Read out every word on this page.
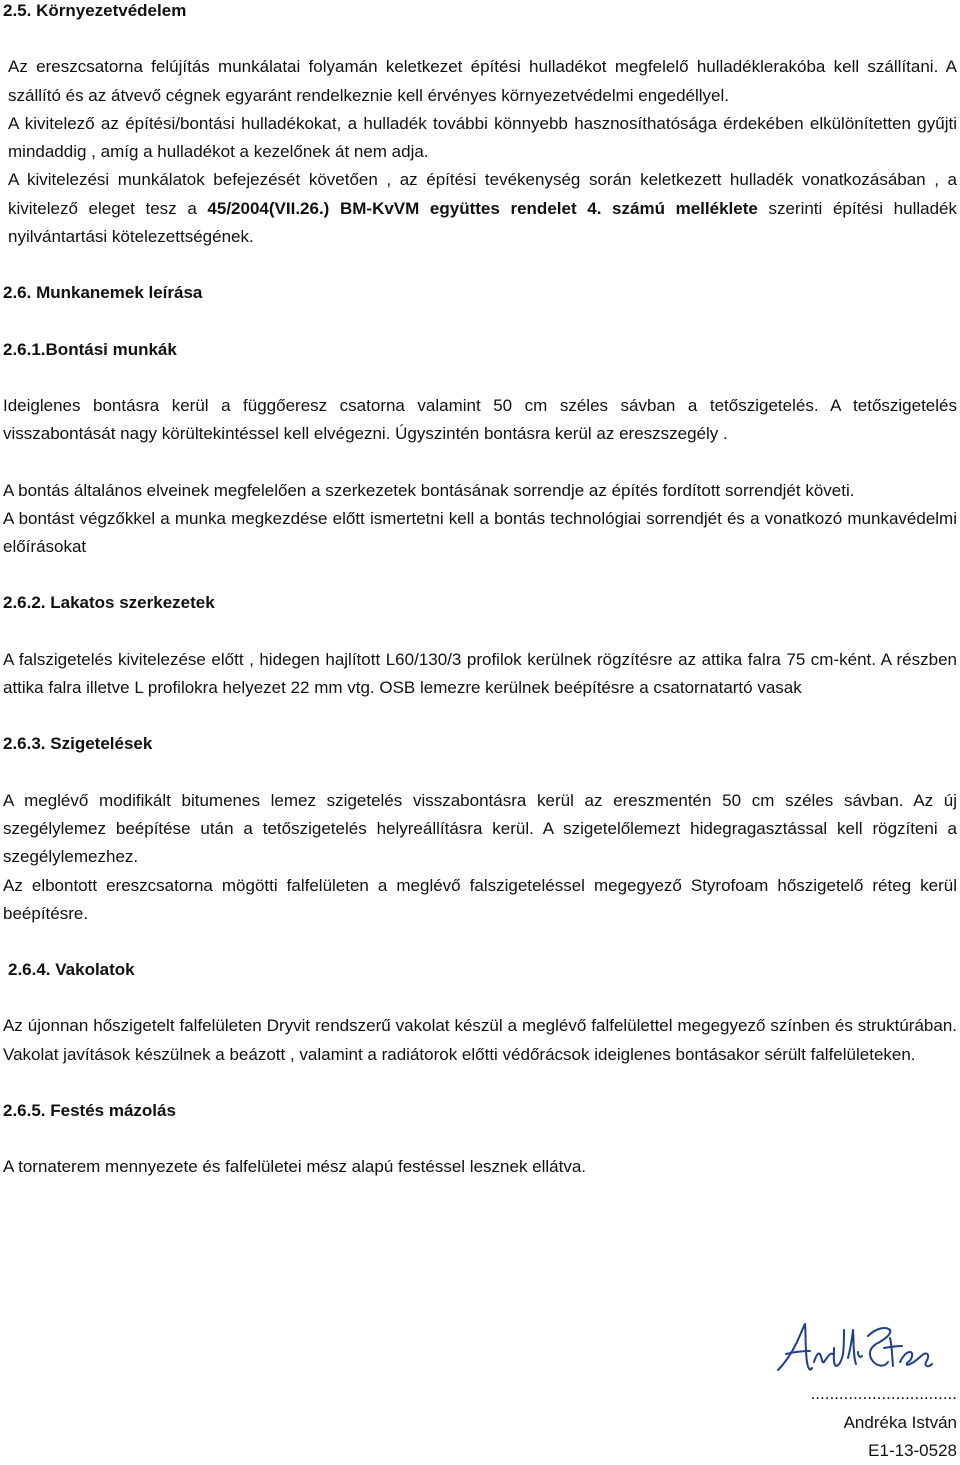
2.5. Környezetvédelem

Az ereszcsatorna felújítás munkálatai folyamán keletkezet építési hulladékot megfelelő hulladéklerakóba kell szállítani. A szállító és az átvevő cégnek egyaránt rendelkeznie kell érvényes környezetvédelmi engedéllyel.

A kivitelező az építési/bontási hulladékokat, a hulladék további könnyebb hasznosíthatósága érdekében elkülönítetten gyűjti mindaddig , amíg a hulladékot a kezelőnek át nem adja.

A kivitelezési munkálatok befejezését követően , az építési tevékenység során keletkezett hulladék vonatkozásában , a kivitelező eleget tesz a 45/2004(VII.26.) BM-KvVM együttes rendelet 4. számú melléklete szerinti építési hulladék nyilvántartási kötelezettségének.

2.6. Munkanemek leírása

2.6.1.Bontási munkák

Ideiglenes bontásra kerül a függőeresz csatorna valamint 50 cm széles sávban a tetőszigetelés. A tetőszigetelés visszabontását nagy körültekintéssel kell elvégezni. Úgyszintén bontásra kerül az ereszszegély .

A bontás általános elveinek megfelelően a szerkezetek bontásának sorrendje az építés fordított sorrendjét követi.

A bontást végzőkkel a munka megkezdése előtt ismertetni kell a bontás technológiai sorrendjét és a vonatkozó munkavédelmi előírásokat

2.6.2. Lakatos szerkezetek

A falszigetelés kivitelezése előtt , hidegen hajlított L60/130/3 profilok kerülnek rögzítésre az attika falra 75 cm-ként. A részben attika falra illetve L profilokra helyezet 22 mm vtg. OSB lemezre kerülnek beépítésre a csatornatartó vasak

2.6.3. Szigetelések

A meglévő modifikált bitumenes lemez szigetelés visszabontásra kerül az ereszmentén 50 cm széles sávban. Az új szegélylemez beépítése után a tetőszigetelés helyreállításra kerül. A szigetelőlemezt hidegragasztással kell rögzíteni a szegélylemezhez.

Az elbontott ereszcsatorna mögötti falfelületen a meglévő falszigeteléssel megegyező Styrofoam hőszigetelő réteg kerül beépítésre.

2.6.4. Vakolatok

Az újonnan hőszigetelt falfelületen Dryvit rendszerű vakolat készül a meglévő falfelülettel megegyező színben és struktúrában. Vakolat javítások készülnek a beázott , valamint a radiátorok előtti védőrácsok ideiglenes bontásakor sérült falfelületeken.

2.6.5. Festés mázolás

A tornaterem mennyezete és falfelületei mész alapú festéssel lesznek ellátva.

...............................
Andréka István
E1-13-0528
